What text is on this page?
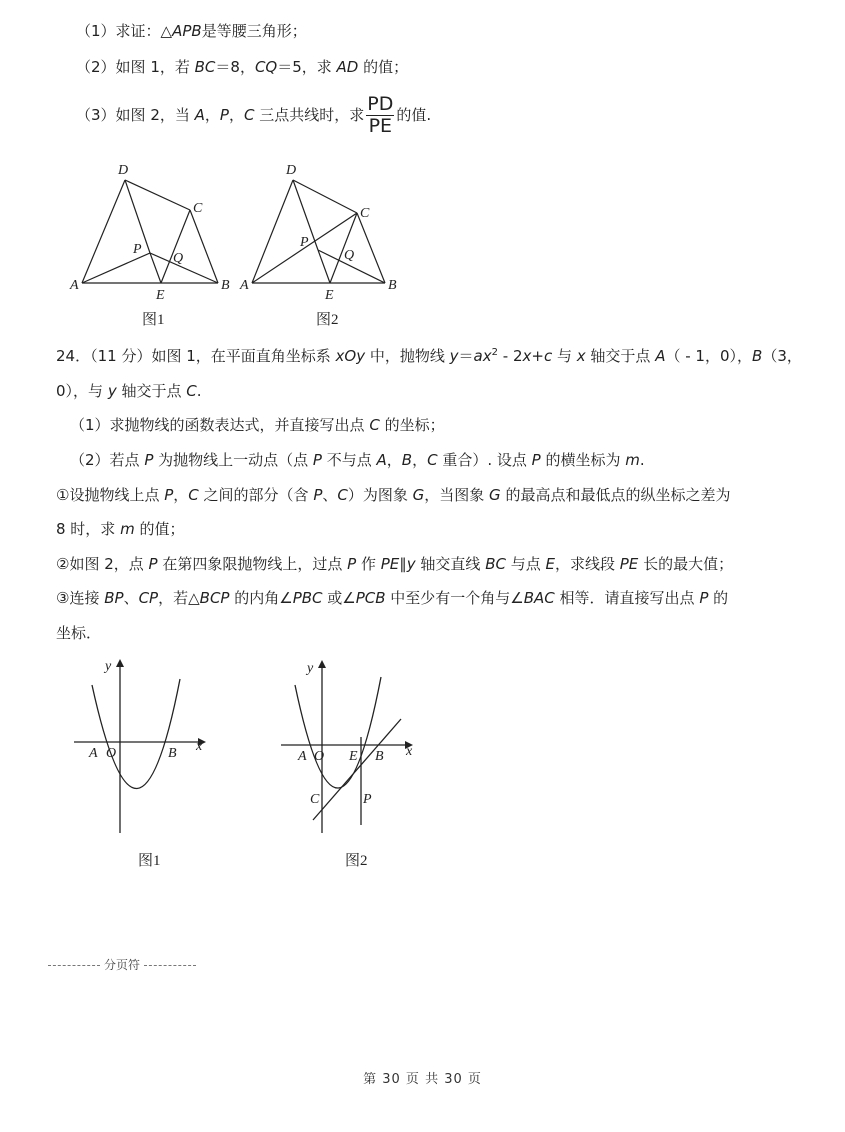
（1）求证：△APB是等腰三角形；
（2）如图 1，若 BC＝8，CQ＝5，求 AD 的值；
（3）如图 2，当 A，P，C 三点共线时，求 $\frac{PD}{PE}$ 的值.
A	B
C
D
E
P
Q
图1
A	B
C
D
E
P
Q
图2
24．（11 分）如图 1，在平面直角坐标系 xOy 中，抛物线 $y=ax^2 - 2x+c$ 与 x 轴交于点 A（ - 1，0），B（3，
0），与 y 轴交于点 C.
（1）求抛物线的函数表达式，并直接写出点 C 的坐标；
（2）若点 P 为抛物线上一动点（点 P 不与点 A，B，C 重合）. 设点 P 的横坐标为 m.
①设抛物线上点 P，C 之间的部分（含 P、C）为图象 G，当图象 G 的最高点和最低点的纵坐标之差为
8 时，求 m 的值；
②如图 2，点 P 在第四象限抛物线上，过点 P 作 PE∥y 轴交直线 BC 与点 E，求线段 PE 长的最大值；
③连接 BP、CP，若△BCP 的内角∠PBC 或∠PCB 中至少有一个角与∠BAC 相等．请直接写出点 P 的
坐标．
y
x
A O	B
图1
y
x
A O E B
C	P
图2
分页符
第 30 页 共 30 页
